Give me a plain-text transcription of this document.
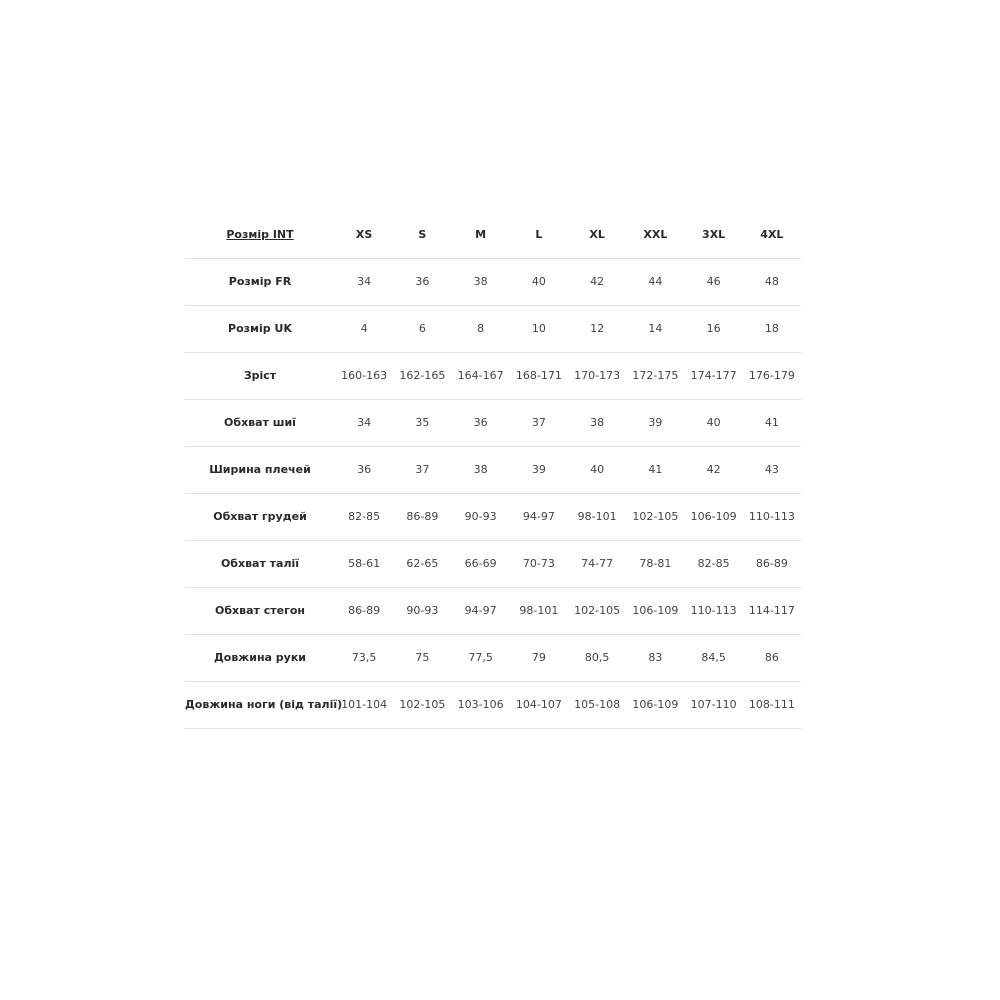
Розмір INT	XS	S	M	L	XL	XXL	3XL	4XL
Розмір FR	34	36	38	40	42	44	46	48
Розмір UK	4	6	8	10	12	14	16	18
Зріст	160-163	162-165	164-167	168-171	170-173	172-175	174-177	176-179
Обхват шиї	34	35	36	37	38	39	40	41
Ширина плечей	36	37	38	39	40	41	42	43
Обхват грудей	82-85	86-89	90-93	94-97	98-101	102-105	106-109	110-113
Обхват талії	58-61	62-65	66-69	70-73	74-77	78-81	82-85	86-89
Обхват стегон	86-89	90-93	94-97	98-101	102-105	106-109	110-113	114-117
Довжина руки	73,5	75	77,5	79	80,5	83	84,5	86
Довжина ноги (від талії)	101-104	102-105	103-106	104-107	105-108	106-109	107-110	108-111
